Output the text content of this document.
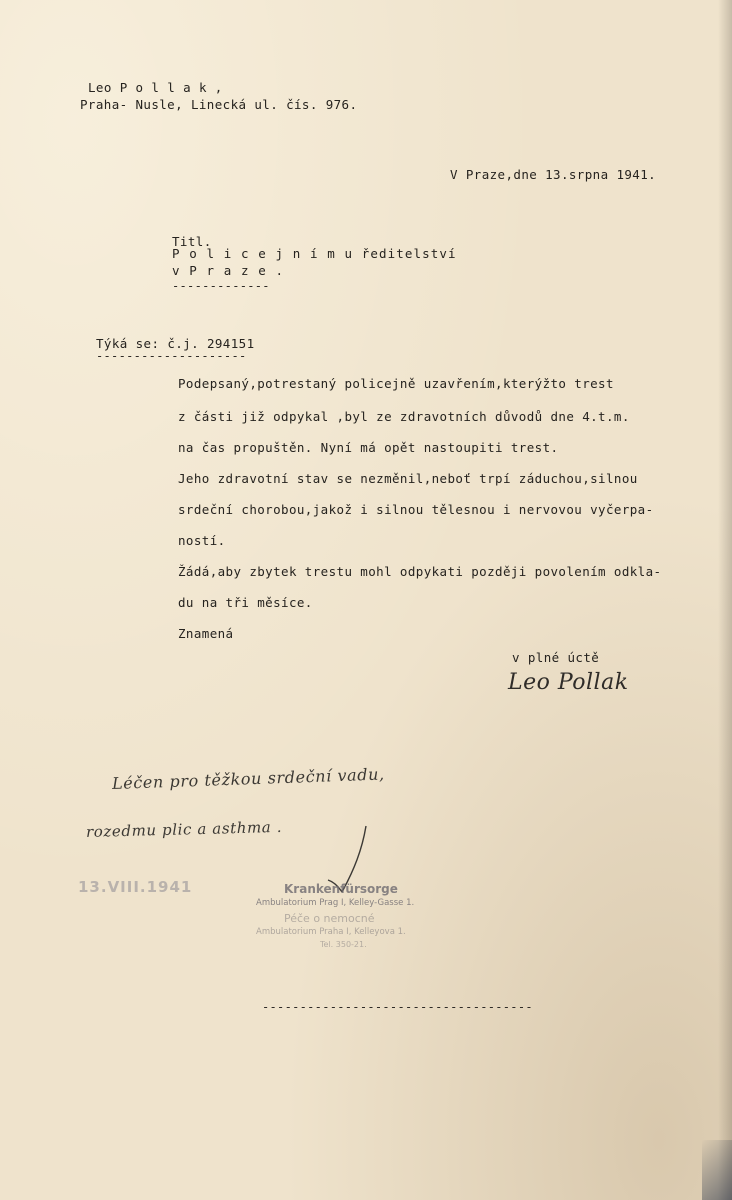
Leo P o l l a k ,

Praha- Nusle, Linecká ul. čís. 976.

V Praze,dne 13.srpna 1941.

Titl.

P o l i c e j n í m u ředitelství

v P r a z e .

-------------

Týká se: č.j. 294151

--------------------

Podepsaný,potrestaný policejně uzavřením,kterýžto trest

z části již odpykal ,byl ze zdravotních důvodů dne 4.t.m.

na čas propuštěn. Nyní má opět nastoupiti trest.

Jeho zdravotní stav se nezměnil,neboť trpí záduchou,silnou

srdeční chorobou,jakož i silnou tělesnou i nervovou vyčerpa-

ností.

Žádá,aby zbytek trestu mohl odpykati později povolením odkla-

du na tři měsíce.

Znamená

v plné úctě

Leo Pollak

Léčen pro těžkou srdeční vadu,

rozedmu plic a asthma .

13.VIII.1941	Krankenfürsorge

Ambulatorium Prag I, Kelley-Gasse 1.

Péče o nemocné

Ambulatorium Praha I, Kelleyova 1.

Tel. 350-21.

------------------------------------
